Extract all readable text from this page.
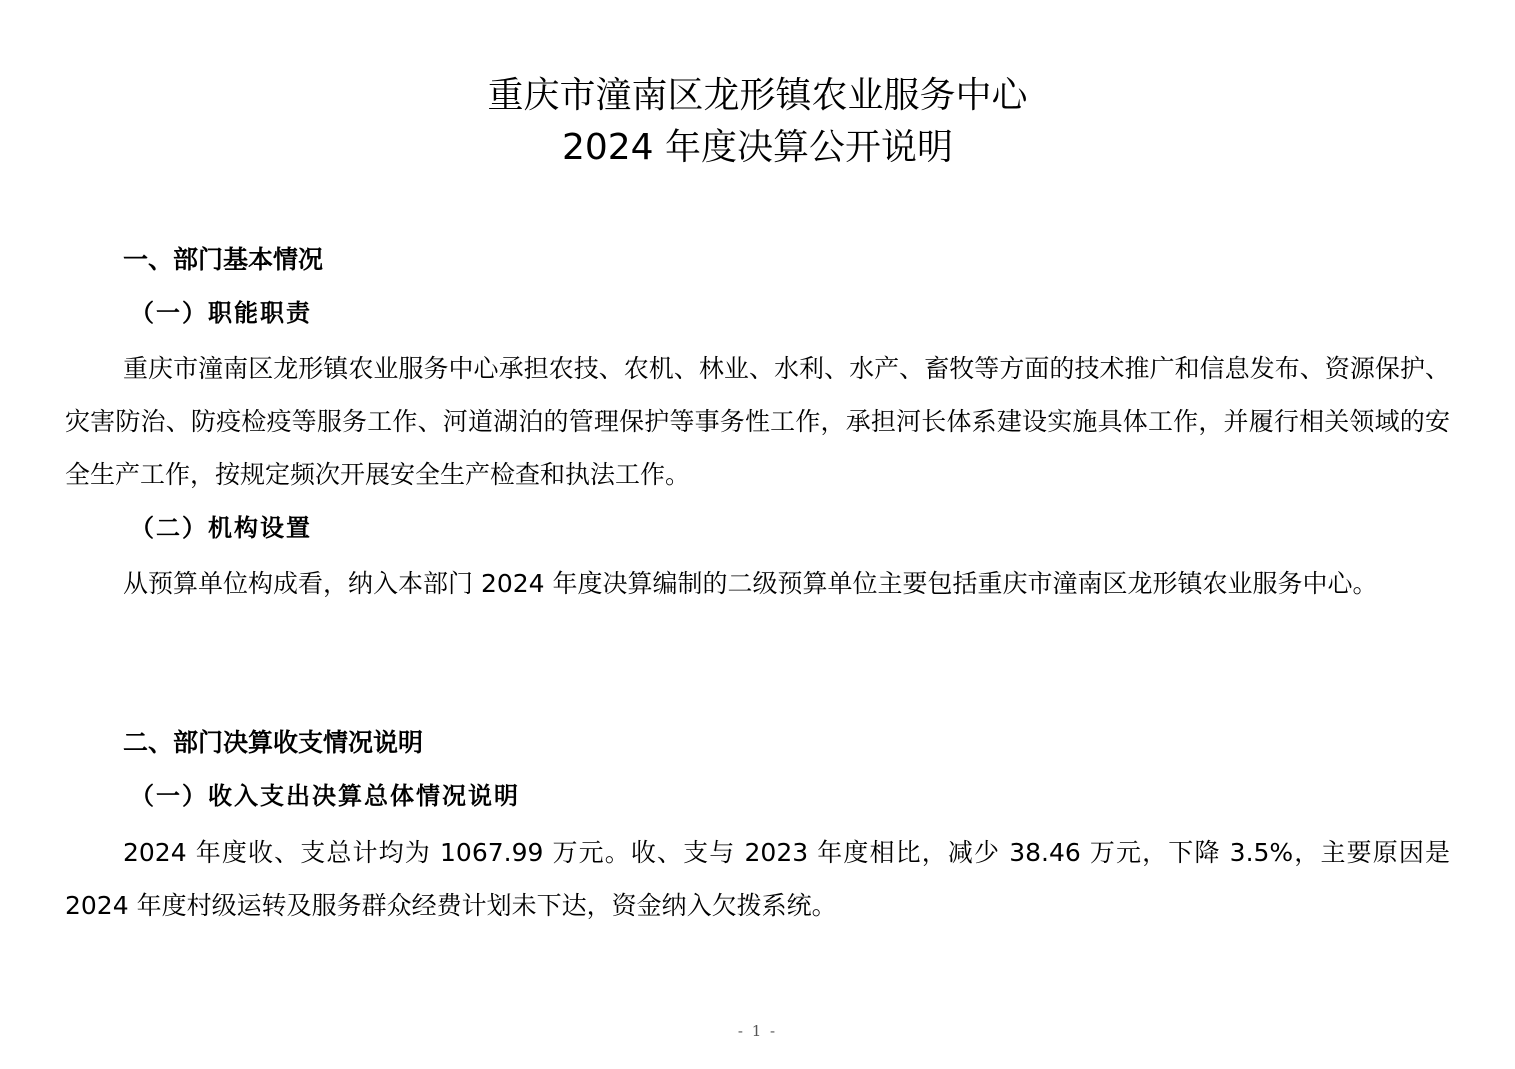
重庆市潼南区龙形镇农业服务中心
2024 年度决算公开说明
一、部门基本情况
（一）职能职责
重庆市潼南区龙形镇农业服务中心承担农技、农机、林业、水利、水产、畜牧等方面的技术推广和信息发布、资源保护、灾害防治、防疫检疫等服务工作、河道湖泊的管理保护等事务性工作，承担河长体系建设实施具体工作，并履行相关领域的安全生产工作，按规定频次开展安全生产检查和执法工作。
（二）机构设置
从预算单位构成看，纳入本部门 2024 年度决算编制的二级预算单位主要包括重庆市潼南区龙形镇农业服务中心。
二、部门决算收支情况说明
（一）收入支出决算总体情况说明
2024 年度收、支总计均为 1067.99 万元。收、支与 2023 年度相比，减少 38.46 万元，下降 3.5%，主要原因是 2024 年度村级运转及服务群众经费计划未下达，资金纳入欠拨系统。
- 1 -
